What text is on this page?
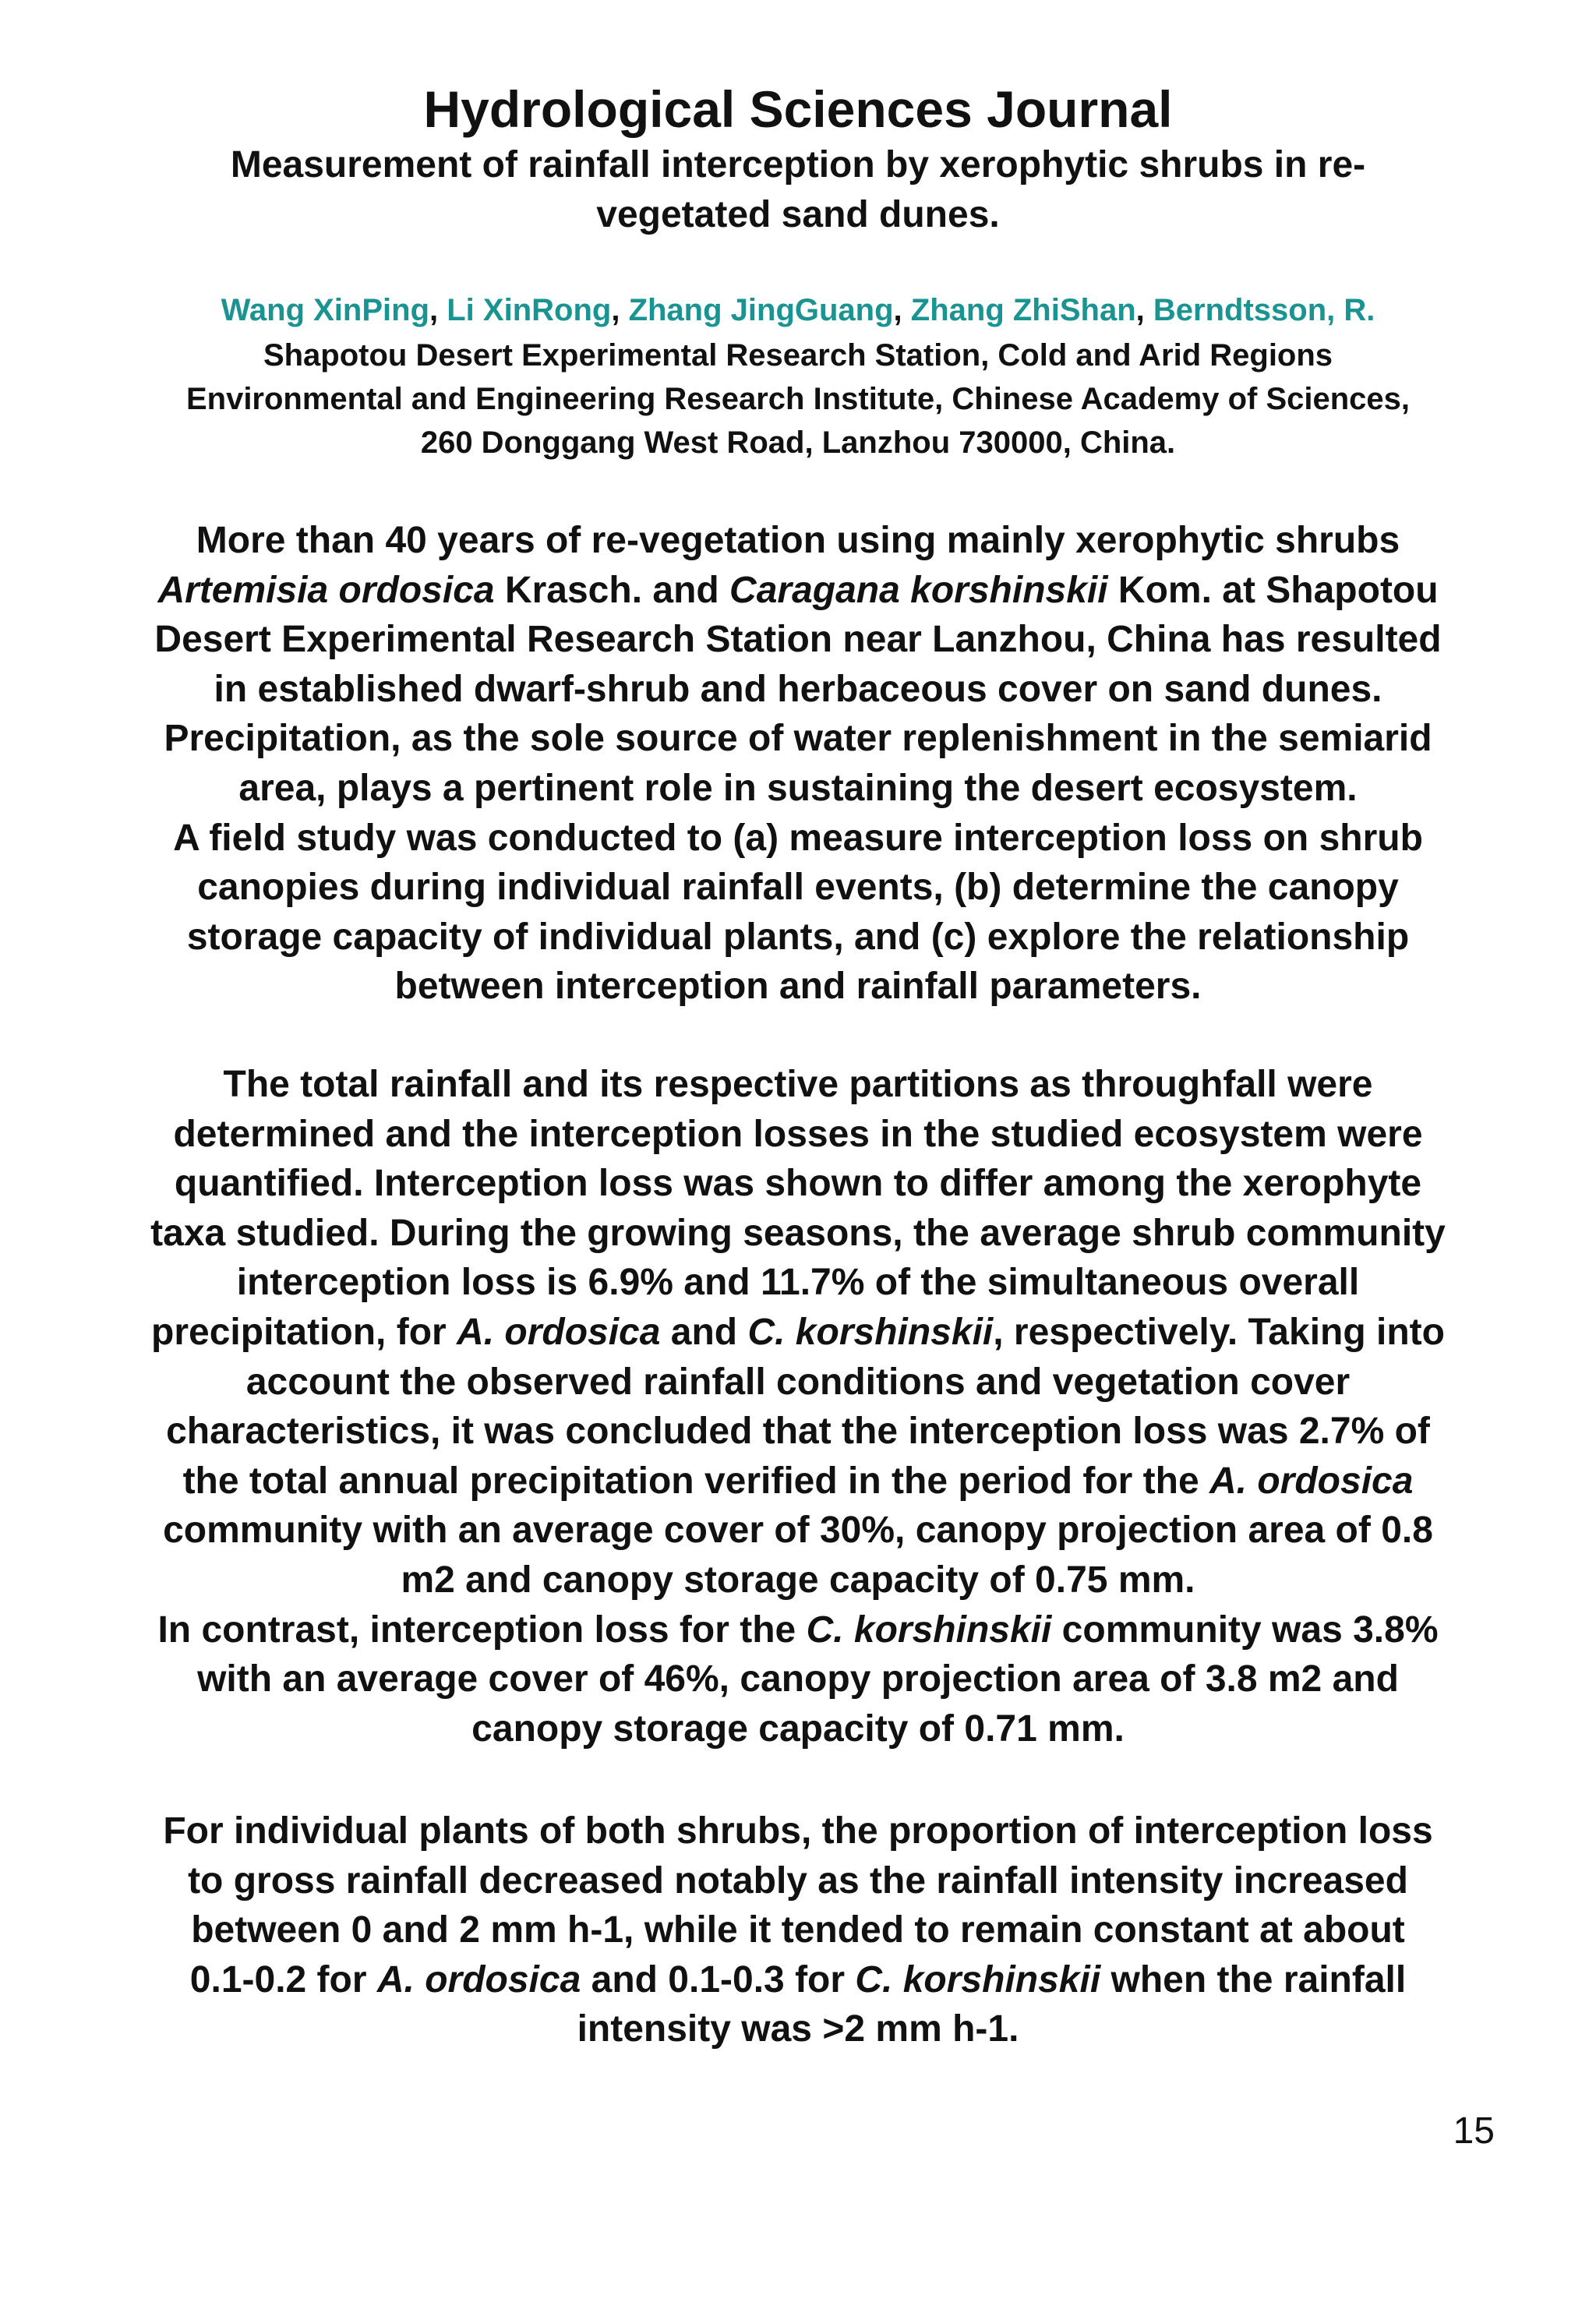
Hydrological Sciences Journal
Measurement of rainfall interception by xerophytic shrubs in re-
vegetated sand dunes.
Wang XinPing, Li XinRong, Zhang JingGuang, Zhang ZhiShan, Berndtsson, R.
Shapotou Desert Experimental Research Station, Cold and Arid Regions
Environmental and Engineering Research Institute, Chinese Academy of Sciences,
260 Donggang West Road, Lanzhou 730000, China.
More than 40 years of re-vegetation using mainly xerophytic shrubs
Artemisia ordosica Krasch. and Caragana korshinskii Kom. at Shapotou
Desert Experimental Research Station near Lanzhou, China has resulted
in established dwarf-shrub and herbaceous cover on sand dunes.
Precipitation, as the sole source of water replenishment in the semiarid
area, plays a pertinent role in sustaining the desert ecosystem.
A field study was conducted to (a) measure interception loss on shrub
canopies during individual rainfall events, (b) determine the canopy
storage capacity of individual plants, and (c) explore the relationship
between interception and rainfall parameters.
The total rainfall and its respective partitions as throughfall were
determined and the interception losses in the studied ecosystem were
quantified. Interception loss was shown to differ among the xerophyte
taxa studied. During the growing seasons, the average shrub community
interception loss is 6.9% and 11.7% of the simultaneous overall
precipitation, for A. ordosica and C. korshinskii, respectively. Taking into
account the observed rainfall conditions and vegetation cover
characteristics, it was concluded that the interception loss was 2.7% of
the total annual precipitation verified in the period for the A. ordosica
community with an average cover of 30%, canopy projection area of 0.8
m2 and canopy storage capacity of 0.75 mm.
In contrast, interception loss for the C. korshinskii community was 3.8%
with an average cover of 46%, canopy projection area of 3.8 m2 and
canopy storage capacity of 0.71 mm.
For individual plants of both shrubs, the proportion of interception loss
to gross rainfall decreased notably as the rainfall intensity increased
between 0 and 2 mm h-1, while it tended to remain constant at about
0.1-0.2 for A. ordosica and 0.1-0.3 for C. korshinskii when the rainfall
intensity was >2 mm h-1.
15
